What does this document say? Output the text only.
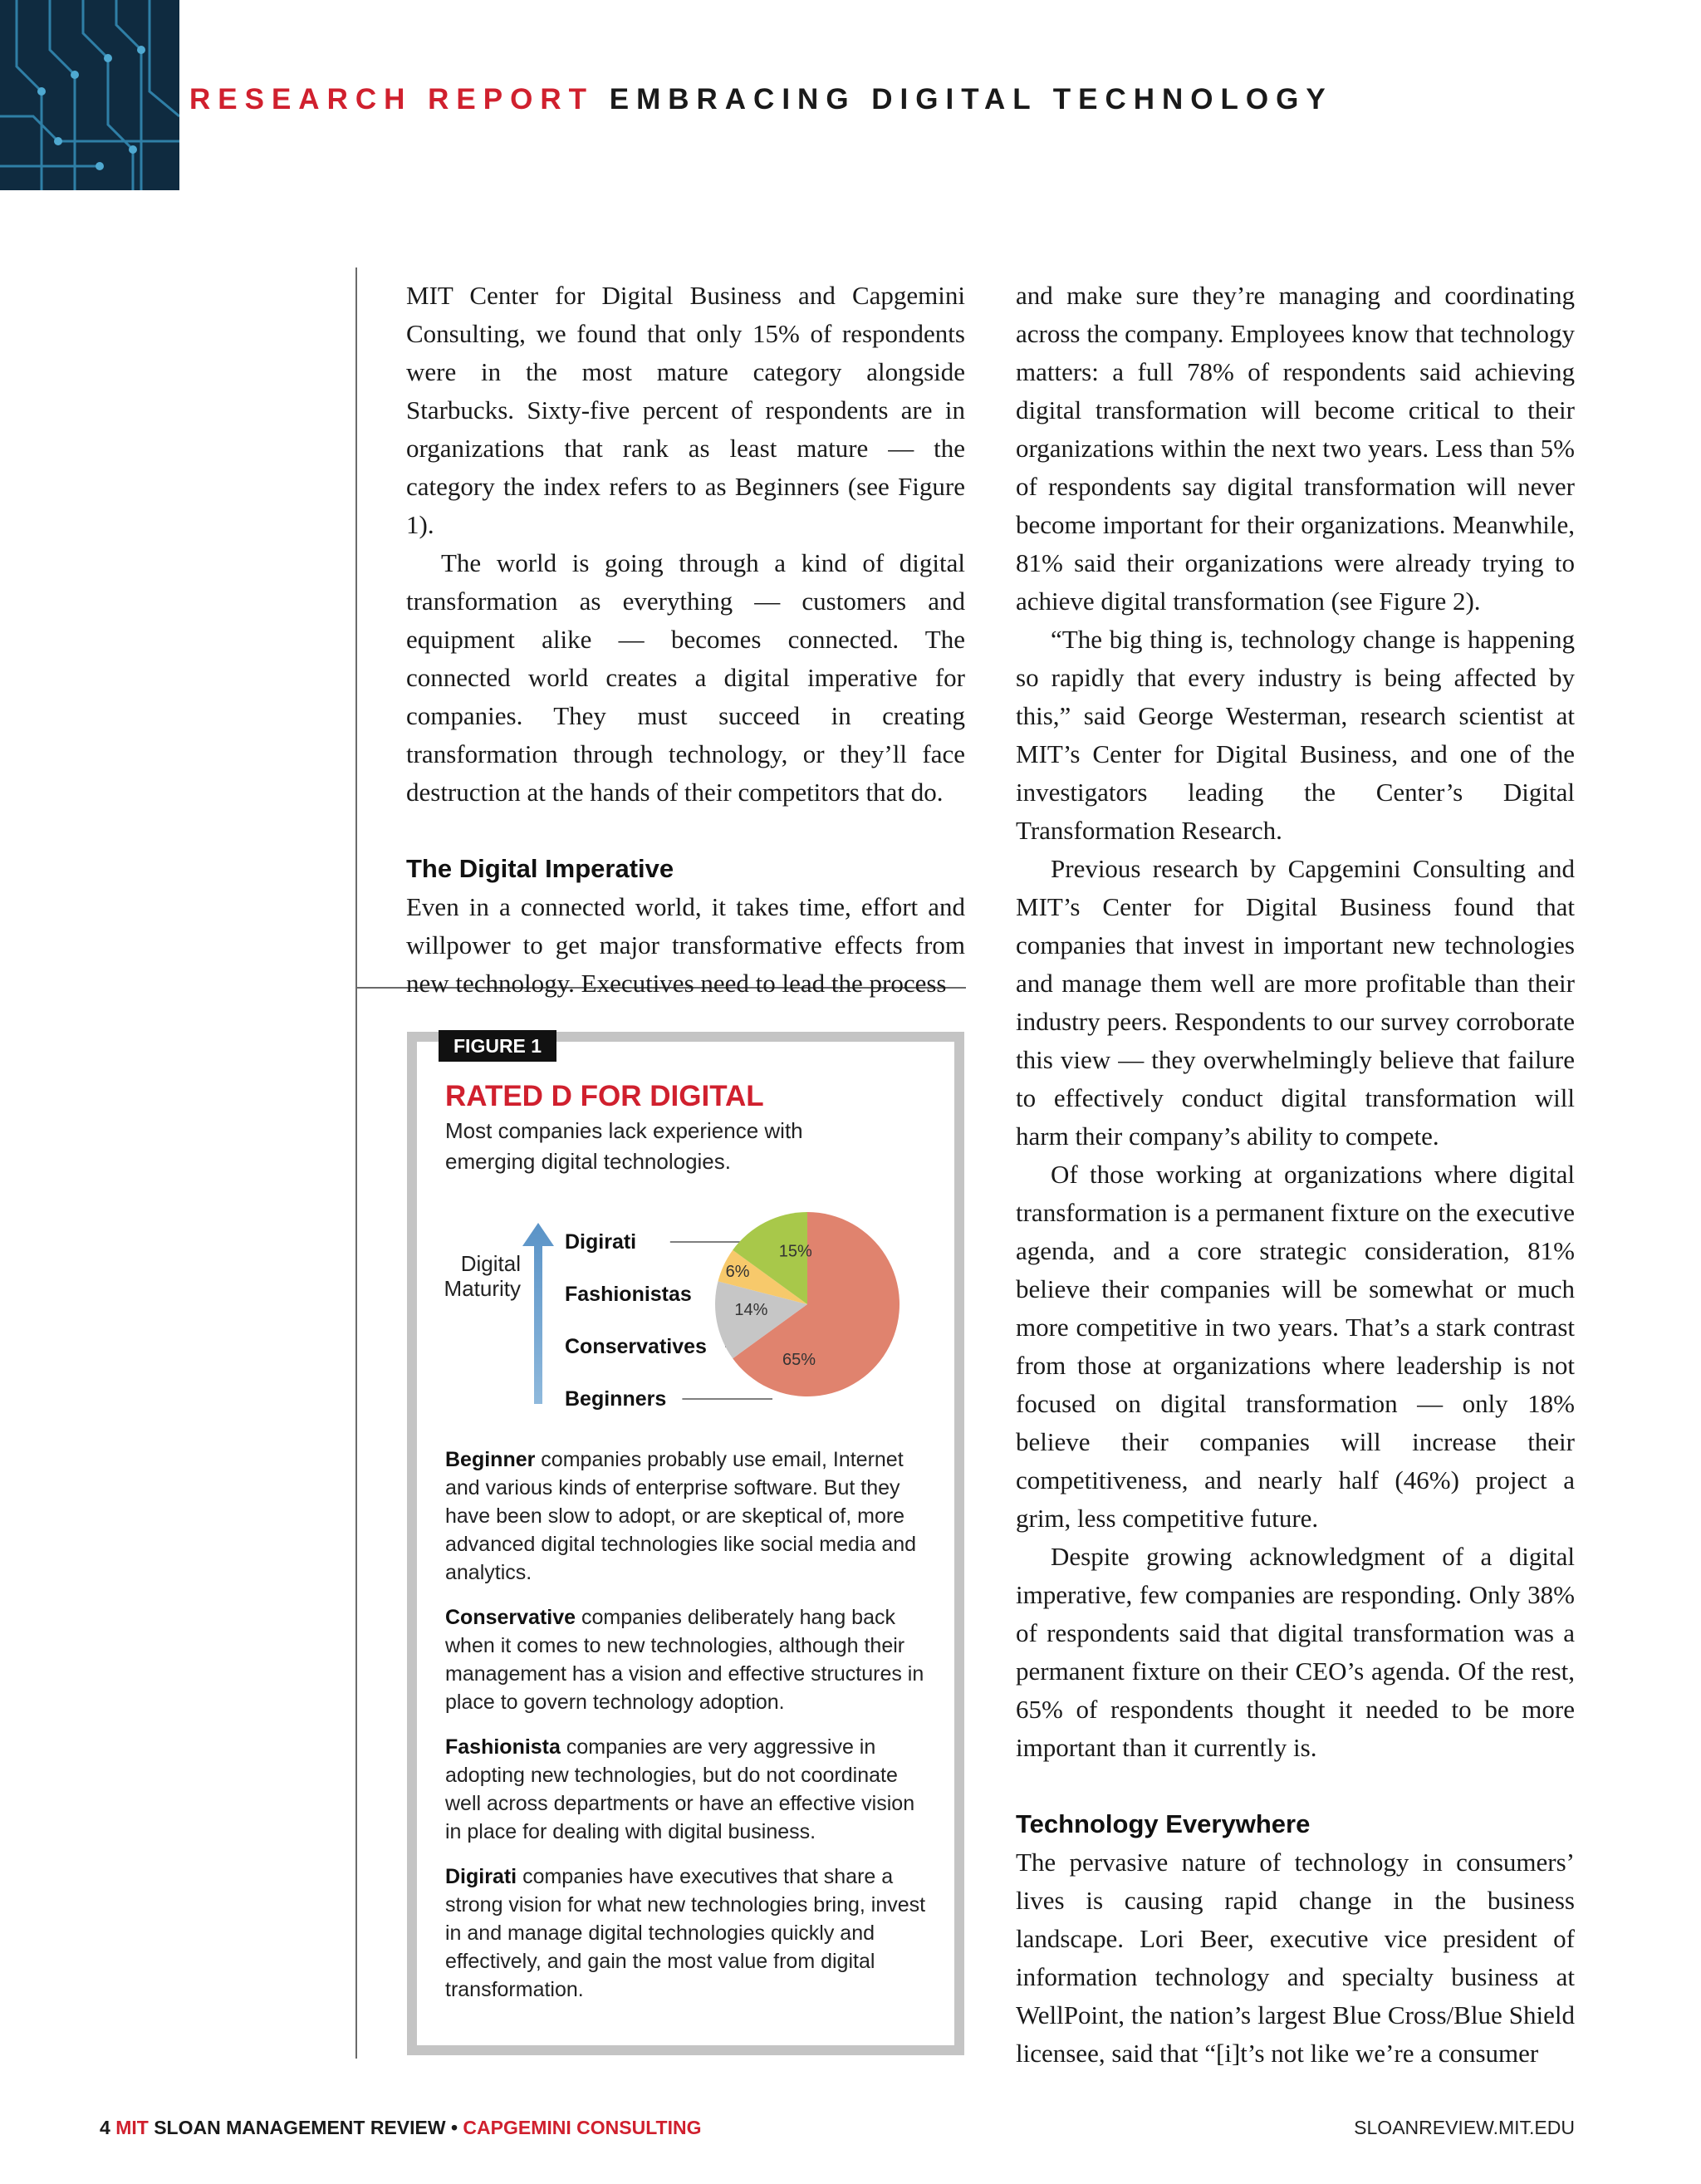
RESEARCH REPORT EMBRACING DIGITAL TECHNOLOGY

MIT Center for Digital Business and Capgemini Consulting, we found that only 15% of respondents were in the most mature category alongside Starbucks. Sixty-five percent of respondents are in organizations that rank as least mature — the category the index refers to as Beginners (see Figure 1).

The world is going through a kind of digital transformation as everything — customers and equipment alike — becomes connected. The connected world creates a digital imperative for companies. They must succeed in creating transformation through technology, or they’ll face destruction at the hands of their competitors that do.

The Digital Imperative

Even in a connected world, it takes time, effort and willpower to get major transformative effects from new technology. Executives need to lead the process

FIGURE 1
RATED D FOR DIGITAL
Most companies lack experience with emerging digital technologies.
Digital
Maturity
Digirati
Fashionistas
Conservatives
Beginners
65%
14%
6%
15%

Beginner companies probably use email, Internet and various kinds of enterprise software. But they have been slow to adopt, or are skeptical of, more advanced digital technologies like social media and analytics.

Conservative companies deliberately hang back when it comes to new technologies, although their management has a vision and effective structures in place to govern technology adoption.

Fashionista companies are very aggressive in adopting new technologies, but do not coordinate well across departments or have an effective vision in place for dealing with digital business.

Digirati companies have executives that share a strong vision for what new technologies bring, invest in and manage digital technologies quickly and effectively, and gain the most value from digital transformation.

and make sure they’re managing and coordinating across the company. Employees know that technology matters: a full 78% of respondents said achieving digital transformation will become critical to their organizations within the next two years. Less than 5% of respondents say digital transformation will never become important for their organizations. Meanwhile, 81% said their organizations were already trying to achieve digital transformation (see Figure 2).

“The big thing is, technology change is happening so rapidly that every industry is being affected by this,” said George Westerman, research scientist at MIT’s Center for Digital Business, and one of the investigators leading the Center’s Digital Transformation Research.

Previous research by Capgemini Consulting and MIT’s Center for Digital Business found that companies that invest in important new technologies and manage them well are more profitable than their industry peers. Respondents to our survey corroborate this view — they overwhelmingly believe that failure to effectively conduct digital transformation will harm their company’s ability to compete.

Of those working at organizations where digital transformation is a permanent fixture on the executive agenda, and a core strategic consideration, 81% believe their companies will be somewhat or much more competitive in two years. That’s a stark contrast from those at organizations where leadership is not focused on digital transformation — only 18% believe their companies will increase their competitiveness, and nearly half (46%) project a grim, less competitive future.

Despite growing acknowledgment of a digital imperative, few companies are responding. Only 38% of respondents said that digital transformation was a permanent fixture on their CEO’s agenda. Of the rest, 65% of respondents thought it needed to be more important than it currently is.

Technology Everywhere

The pervasive nature of technology in consumers’ lives is causing rapid change in the business landscape. Lori Beer, executive vice president of information technology and specialty business at WellPoint, the nation’s largest Blue Cross/Blue Shield licensee, said that “[i]t’s not like we’re a consumer

4 MIT SLOAN MANAGEMENT REVIEW • CAPGEMINI CONSULTING	SLOANREVIEW.MIT.EDU
